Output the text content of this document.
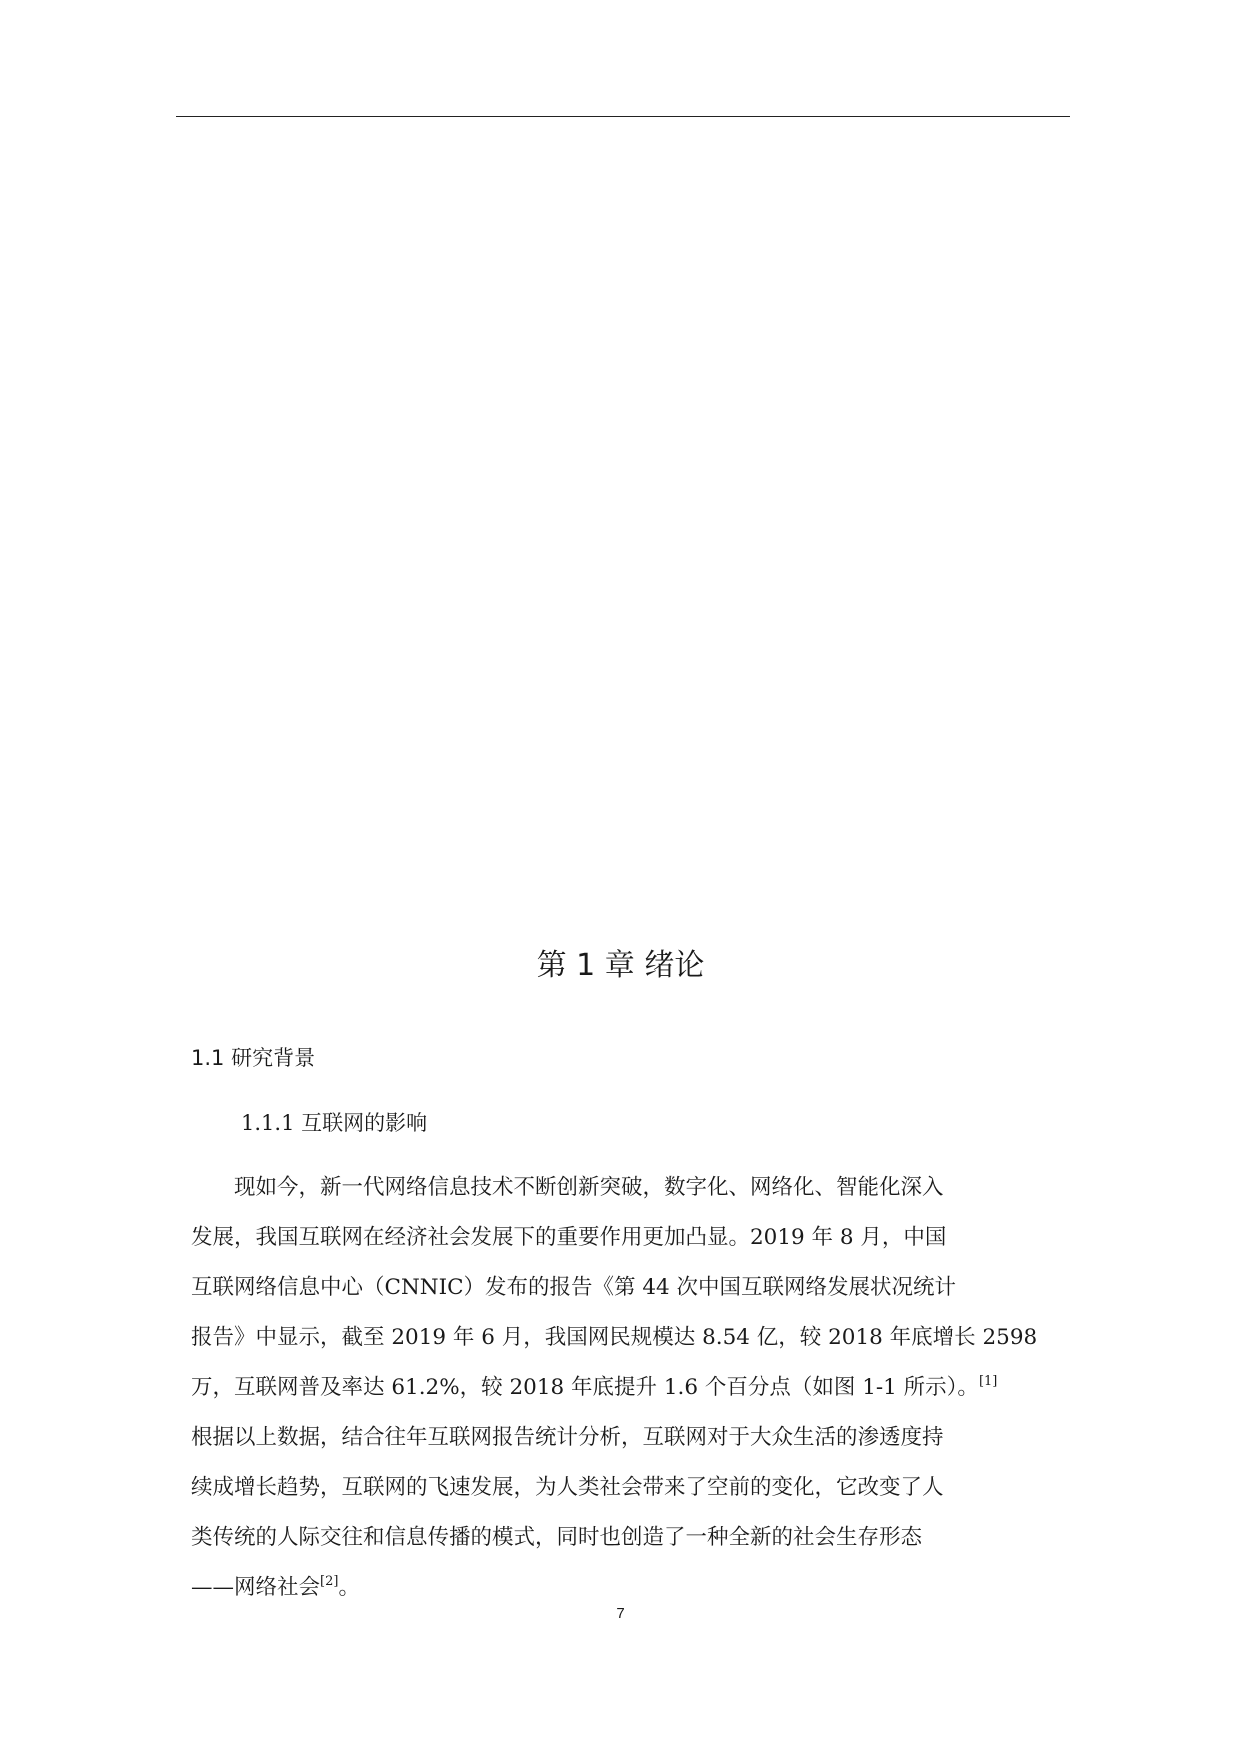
第 1 章 绪论
1.1 研究背景
1.1.1 互联网的影响
现如今，新一代网络信息技术不断创新突破，数字化、网络化、智能化深入
发展，我国互联网在经济社会发展下的重要作用更加凸显。2019 年 8 月，中国
互联网络信息中心（CNNIC）发布的报告《第 44 次中国互联网络发展状况统计
报告》中显示，截至 2019 年 6 月，我国网民规模达 8.54 亿，较 2018 年底增长 2598
万，互联网普及率达 61.2%，较 2018 年底提升 1.6 个百分点（如图 1-1 所示）。[1]
根据以上数据，结合往年互联网报告统计分析，互联网对于大众生活的渗透度持
续成增长趋势，互联网的飞速发展，为人类社会带来了空前的变化，它改变了人
类传统的人际交往和信息传播的模式，同时也创造了一种全新的社会生存形态
——网络社会[2]。
7
